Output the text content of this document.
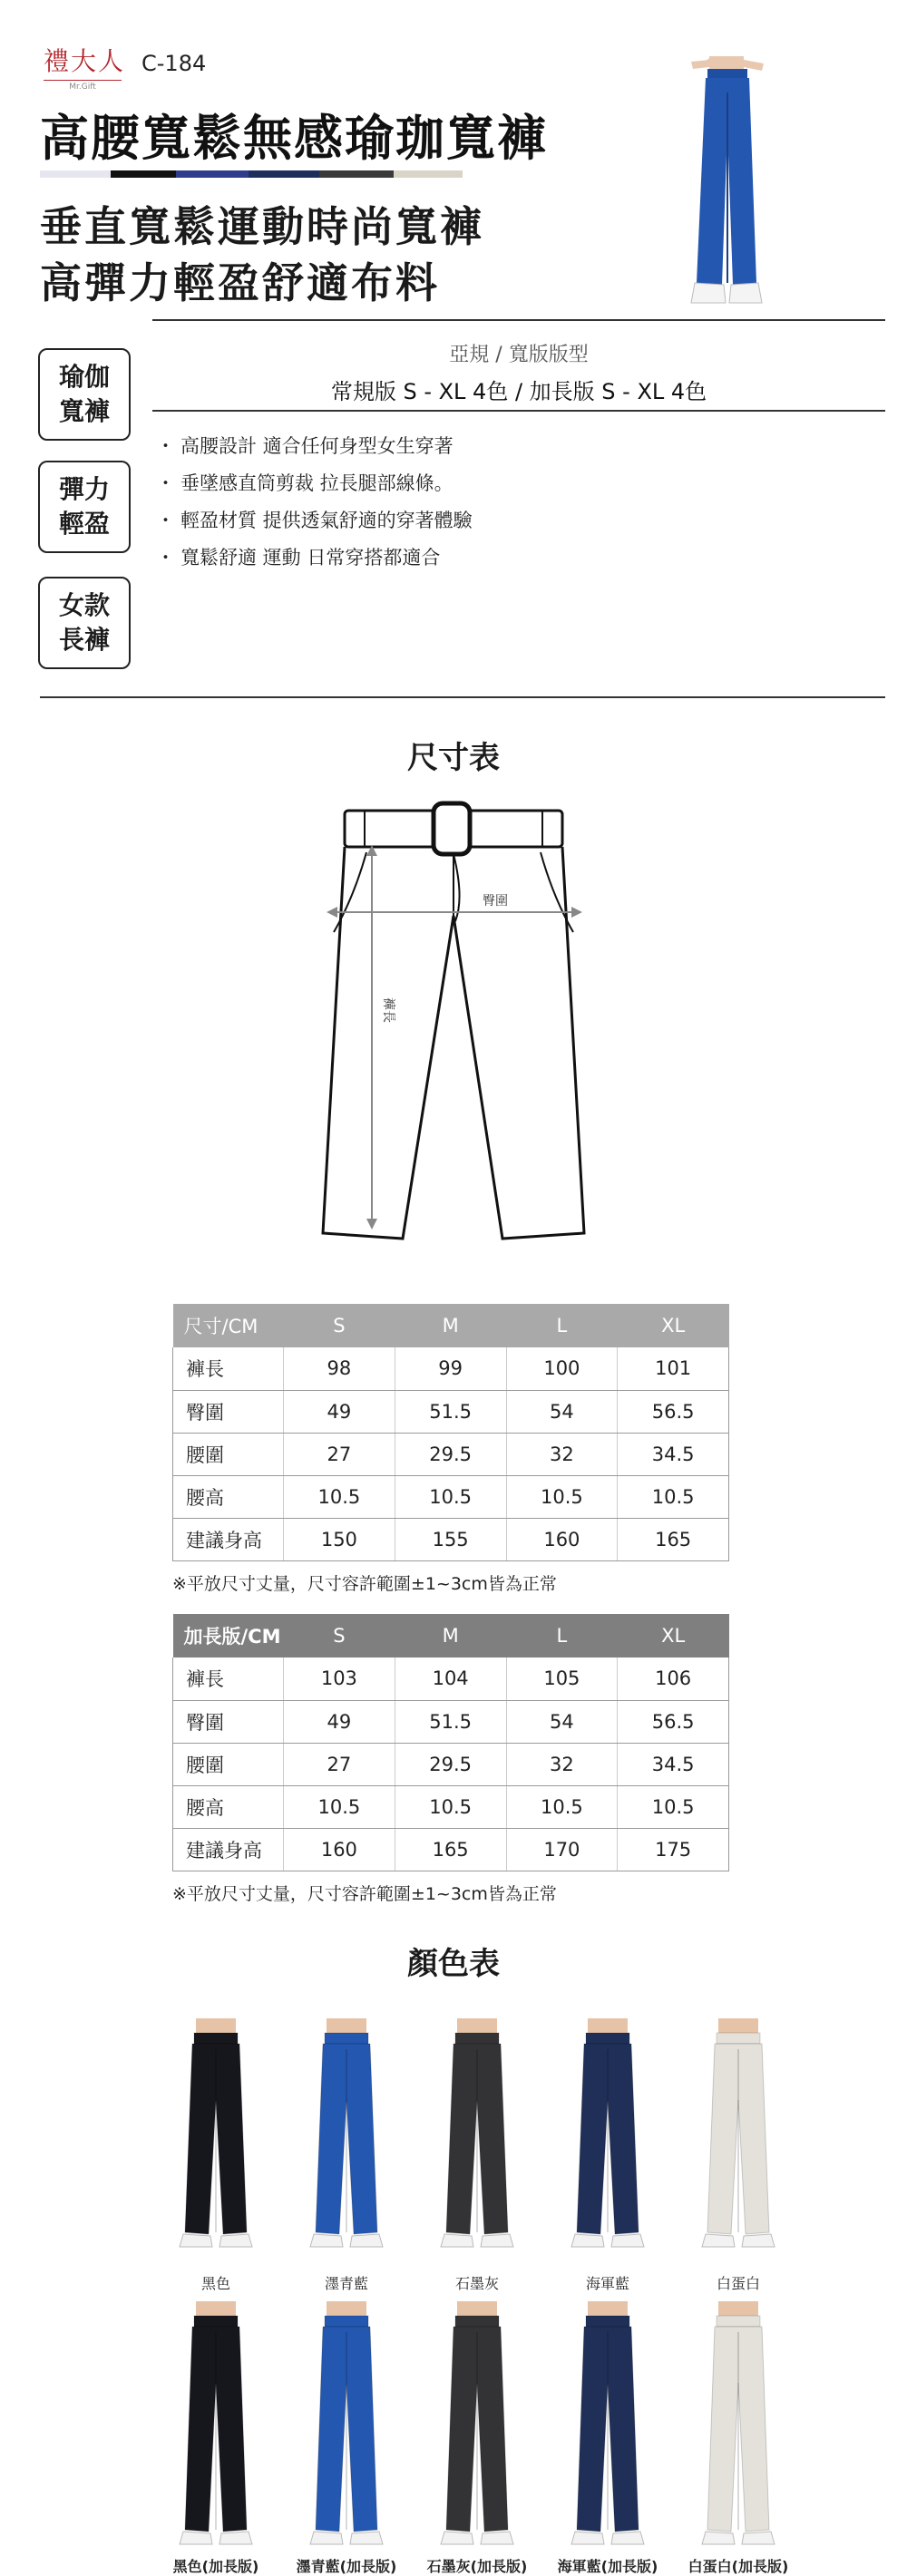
禮大人
Mr.Gift
C-184
高腰寬鬆無感瑜珈寬褲
垂直寬鬆運動時尚寬褲
高彈力輕盈舒適布料
亞規 / 寬版版型
常規版 S - XL 4色 / 加長版 S - XL 4色
瑜伽
寬褲
彈力
輕盈
女款
長褲
・ 高腰設計 適合任何身型女生穿著
・ 垂墜感直筒剪裁 拉長腿部線條。
・ 輕盈材質 提供透氣舒適的穿著體驗
・ 寬鬆舒適 運動 日常穿搭都適合
尺寸表
臀圍
褲長
尺寸/CM	S	M	L	XL
褲長	98	99	100	101
臀圍	49	51.5	54	56.5
腰圍	27	29.5	32	34.5
腰高	10.5	10.5	10.5	10.5
建議身高	150	155	160	165
※平放尺寸丈量，尺寸容許範圍±1~3cm皆為正常
加長版/CM	S	M	L	XL
褲長	103	104	105	106
臀圍	49	51.5	54	56.5
腰圍	27	29.5	32	34.5
腰高	10.5	10.5	10.5	10.5
建議身高	160	165	170	175
※平放尺寸丈量，尺寸容許範圍±1~3cm皆為正常
顏色表
黑色	濹青藍	石墨灰	海軍藍	白蛋白
黑色(加長版)	濹青藍(加長版)	石墨灰(加長版)	海軍藍(加長版)	白蛋白(加長版)
